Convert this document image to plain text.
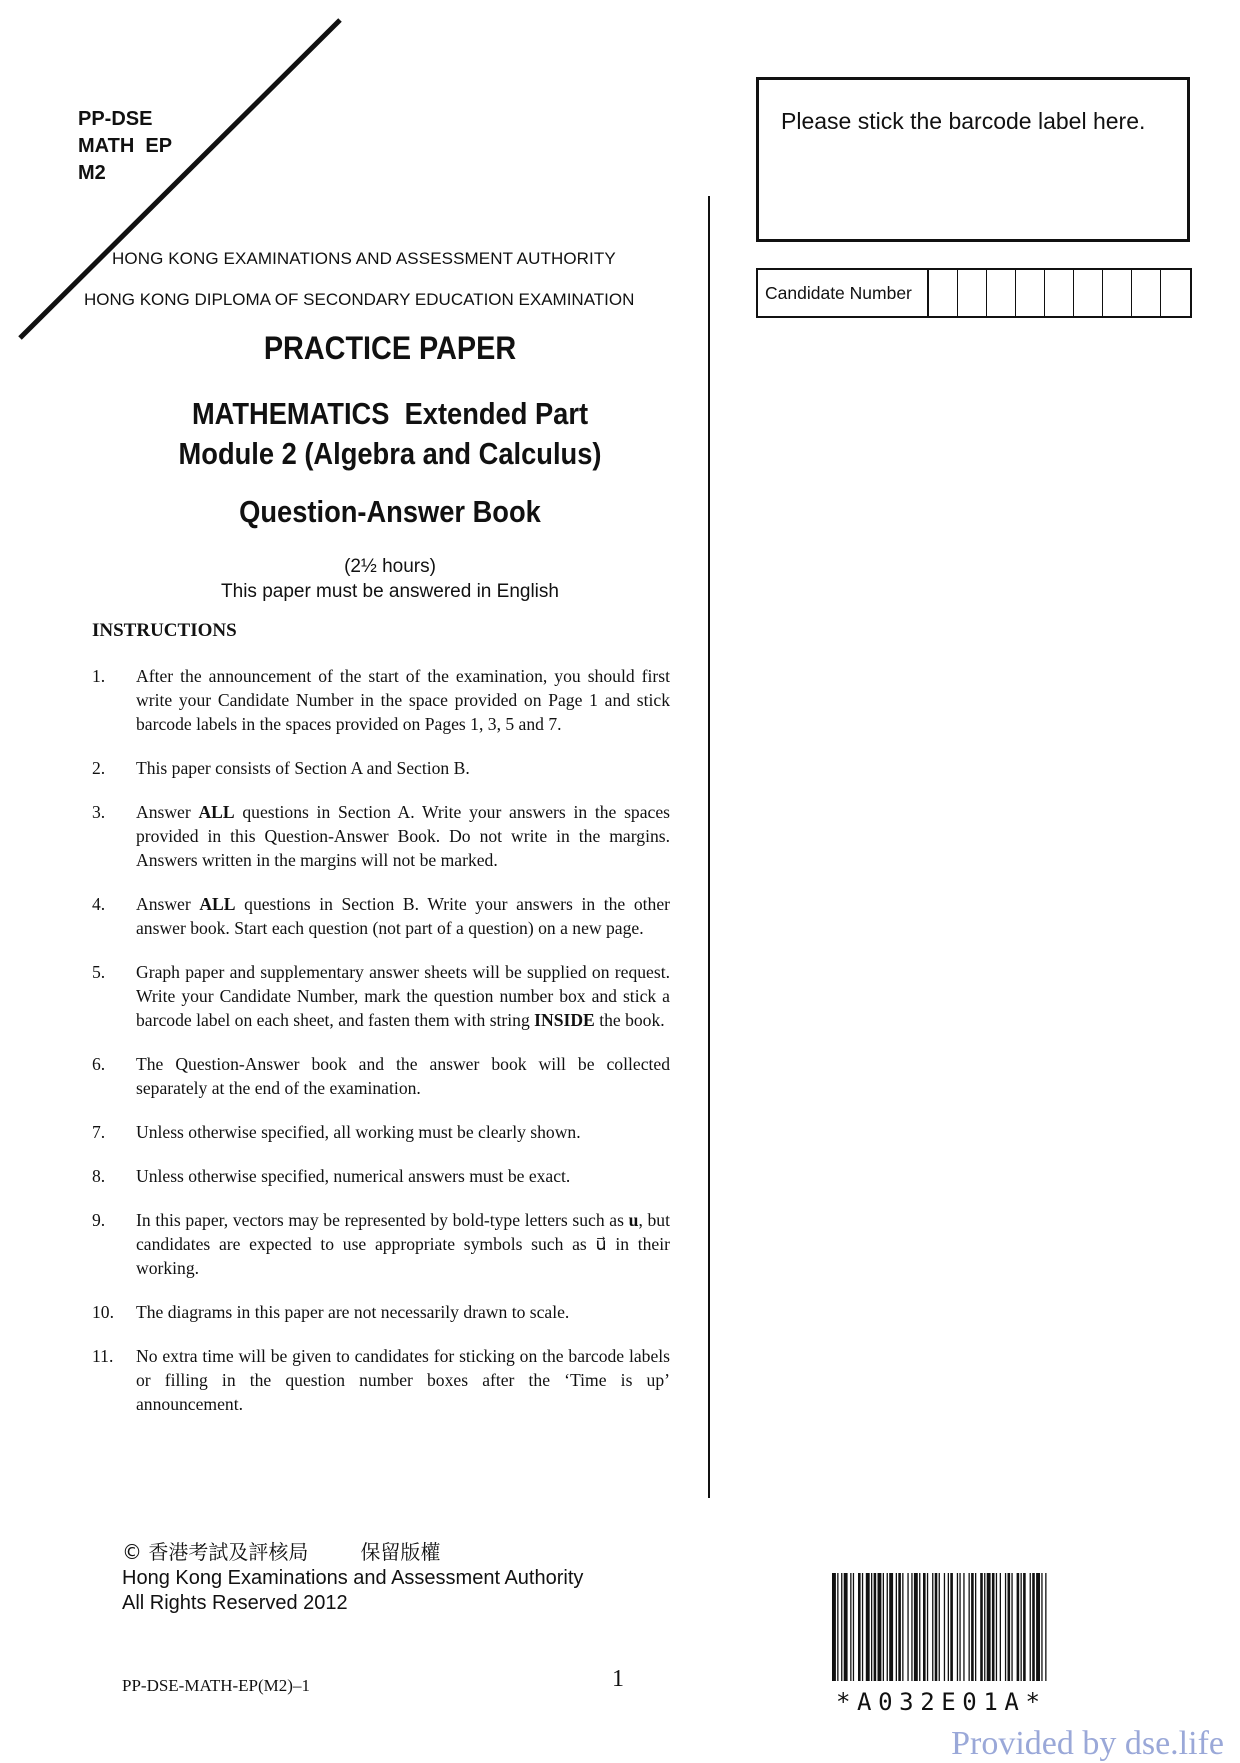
PP-DSE
MATH  EP
M2
HONG KONG EXAMINATIONS AND ASSESSMENT AUTHORITY
HONG KONG DIPLOMA OF SECONDARY EDUCATION EXAMINATION
PRACTICE PAPER
MATHEMATICS  Extended Part
Module 2 (Algebra and Calculus)
Question-Answer Book
(2½ hours)
This paper must be answered in English
INSTRUCTIONS
1.	After the announcement of the start of the examination, you should first write your Candidate Number in the space provided on Page 1 and stick barcode labels in the spaces provided on Pages 1, 3, 5 and 7.
2.	This paper consists of Section A and Section B.
3.	Answer ALL questions in Section A. Write your answers in the spaces provided in this Question-Answer Book. Do not write in the margins. Answers written in the margins will not be marked.
4.	Answer ALL questions in Section B. Write your answers in the other answer book. Start each question (not part of a question) on a new page.
5.	Graph paper and supplementary answer sheets will be supplied on request. Write your Candidate Number, mark the question number box and stick a barcode label on each sheet, and fasten them with string INSIDE the book.
6.	The Question-Answer book and the answer book will be collected separately at the end of the examination.
7.	Unless otherwise specified, all working must be clearly shown.
8.	Unless otherwise specified, numerical answers must be exact.
9.	In this paper, vectors may be represented by bold-type letters such as u, but candidates are expected to use appropriate symbols such as u⃗ in their working.
10.	The diagrams in this paper are not necessarily drawn to scale.
11.	No extra time will be given to candidates for sticking on the barcode labels or filling in the question number boxes after the ‘Time is up’ announcement.
Please stick the barcode label here.
Candidate Number
© 香港考試及評核局	保留版權
Hong Kong Examinations and Assessment Authority
All Rights Reserved 2012
PP-DSE-MATH-EP(M2)–1	1
*A032E01A*
Provided by dse.life
